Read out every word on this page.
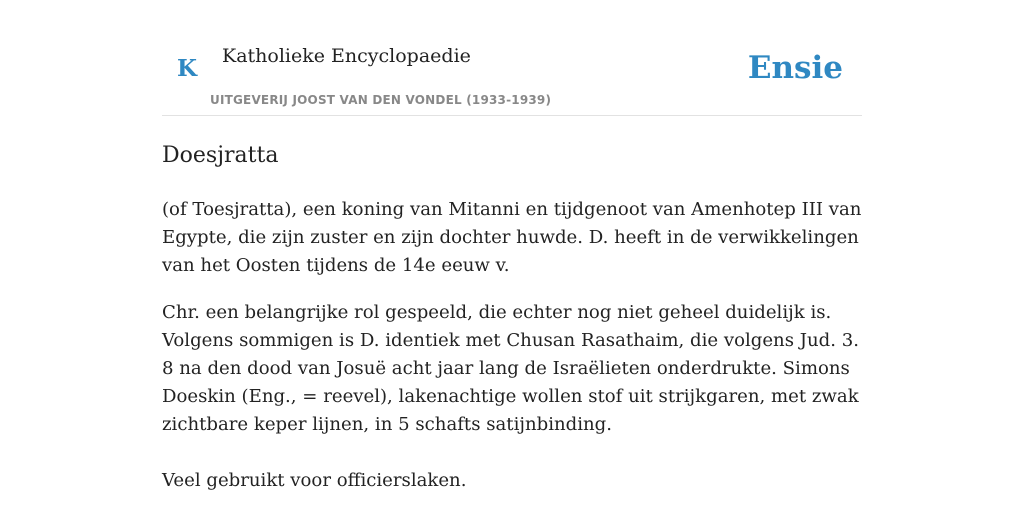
K Katholieke Encyclopaedie
UITGEVERIJ JOOST VAN DEN VONDEL (1933-1939)
Ensie
Doesjratta

(of Toesjratta), een koning van Mitanni en tijdgenoot van Amenhotep III van Egypte, die zijn zuster en zijn dochter huwde. D. heeft in de verwikkelingen van het Oosten tijdens de 14e eeuw v.

Chr. een belangrijke rol gespeeld, die echter nog niet geheel duidelijk is. Volgens sommigen is D. identiek met Chusan Rasathaim, die volgens Jud. 3. 8 na den dood van Josuë acht jaar lang de Israëlieten onderdrukte. Simons Doeskin (Eng., = reevel), lakenachtige wollen stof uit strijkgaren, met zwak zichtbare keper lijnen, in 5 schafts satijnbinding.

Veel gebruikt voor officierslaken.
